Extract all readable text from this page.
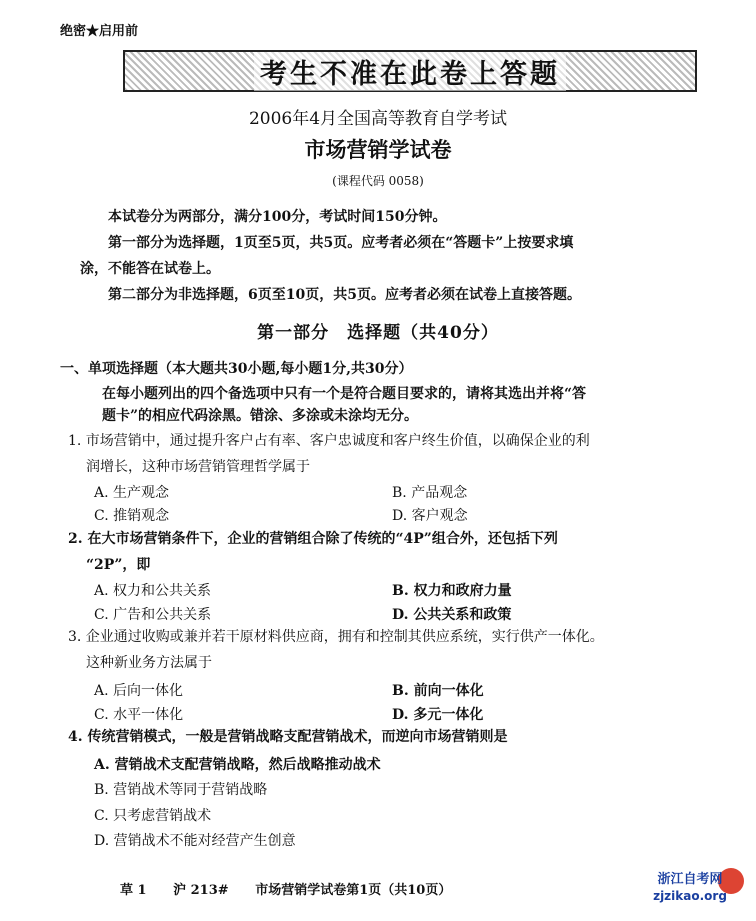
绝密★启用前
考生不准在此卷上答题
2006年4月全国高等教育自学考试
市场营销学试卷
(课程代码 0058)
本试卷分为两部分，满分100分，考试时间150分钟。
第一部分为选择题，1页至5页，共5页。应考者必须在“答题卡”上按要求填
涂，不能答在试卷上。
第二部分为非选择题，6页至10页，共5页。应考者必须在试卷上直接答题。
第一部分　选择题（共40分）
一、单项选择题（本大题共30小题,每小题1分,共30分）
在每小题列出的四个备选项中只有一个是符合题目要求的，请将其选出并将“答
题卡”的相应代码涂黑。错涂、多涂或未涂均无分。
1. 市场营销中，通过提升客户占有率、客户忠诚度和客户终生价值，以确保企业的利
润增长，这种市场营销管理哲学属于
A. 生产观念	B. 产品观念
C. 推销观念	D. 客户观念
2. 在大市场营销条件下，企业的营销组合除了传统的“4P”组合外，还包括下列
“2P”，即
A. 权力和公共关系	B. 权力和政府力量
C. 广告和公共关系	D. 公共关系和政策
3. 企业通过收购或兼并若干原材料供应商，拥有和控制其供应系统，实行供产一体化。
这种新业务方法属于
A. 后向一体化	B. 前向一体化
C. 水平一体化	D. 多元一体化
4. 传统营销模式，一般是营销战略支配营销战术，而逆向市场营销则是
A. 营销战术支配营销战略，然后战略推动战术
B. 营销战术等同于营销战略
C. 只考虑营销战术
D. 营销战术不能对经营产生创意
草 1 沪 213# 市场营销学试卷第1页（共10页）
浙江自考网
zjzikao.org
